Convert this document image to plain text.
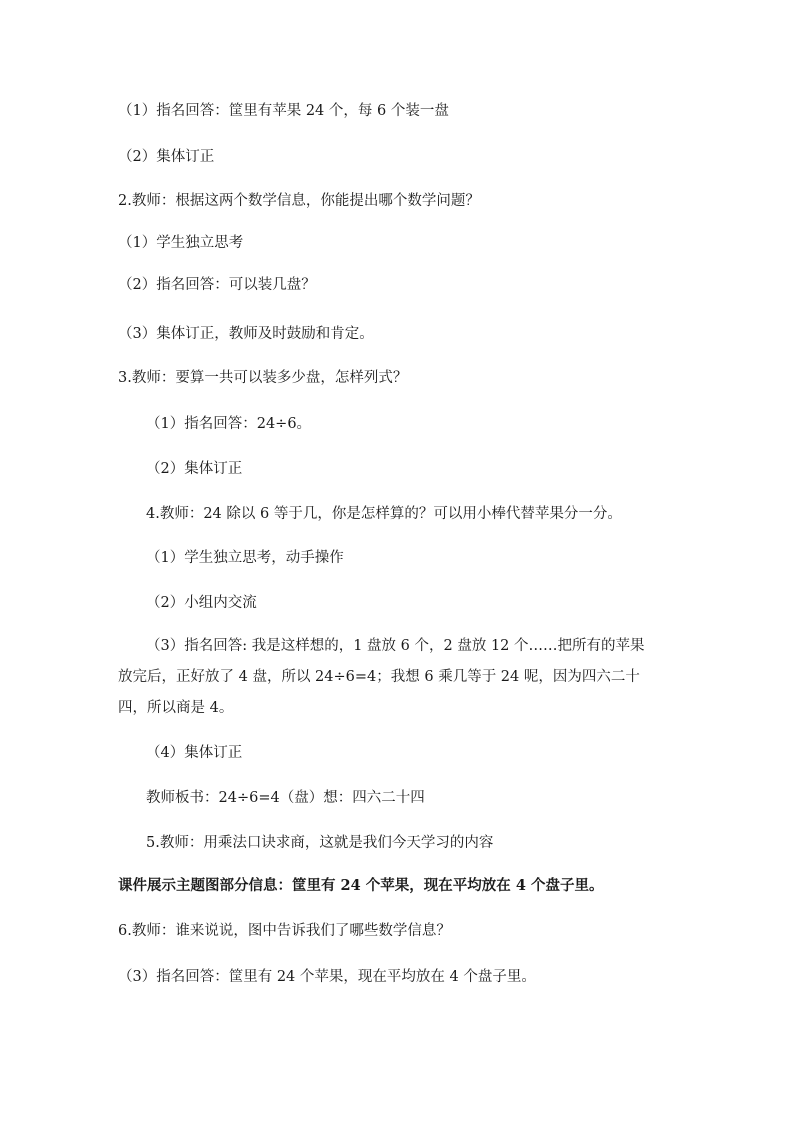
（1）指名回答：筐里有苹果 24 个，每 6 个装一盘
（2）集体订正
2.教师：根据这两个数学信息，你能提出哪个数学问题？
（1）学生独立思考
（2）指名回答：可以装几盘？
（3）集体订正，教师及时鼓励和肯定。
3.教师：要算一共可以装多少盘，怎样列式？
（1）指名回答：24÷6。
（2）集体订正
4.教师：24 除以 6 等于几，你是怎样算的？可以用小棒代替苹果分一分。
（1）学生独立思考，动手操作
（2）小组内交流
（3）指名回答: 我是这样想的，1 盘放 6 个，2 盘放 12 个……把所有的苹果
放完后，正好放了 4 盘，所以 24÷6=4；我想 6 乘几等于 24 呢，因为四六二十
四，所以商是 4。
（4）集体订正
教师板书：24÷6=4（盘）想：四六二十四
5.教师：用乘法口诀求商，这就是我们今天学习的内容
课件展示主题图部分信息：筐里有 24 个苹果，现在平均放在 4 个盘子里。
6.教师：谁来说说，图中告诉我们了哪些数学信息？
（3）指名回答：筐里有 24 个苹果，现在平均放在 4 个盘子里。
